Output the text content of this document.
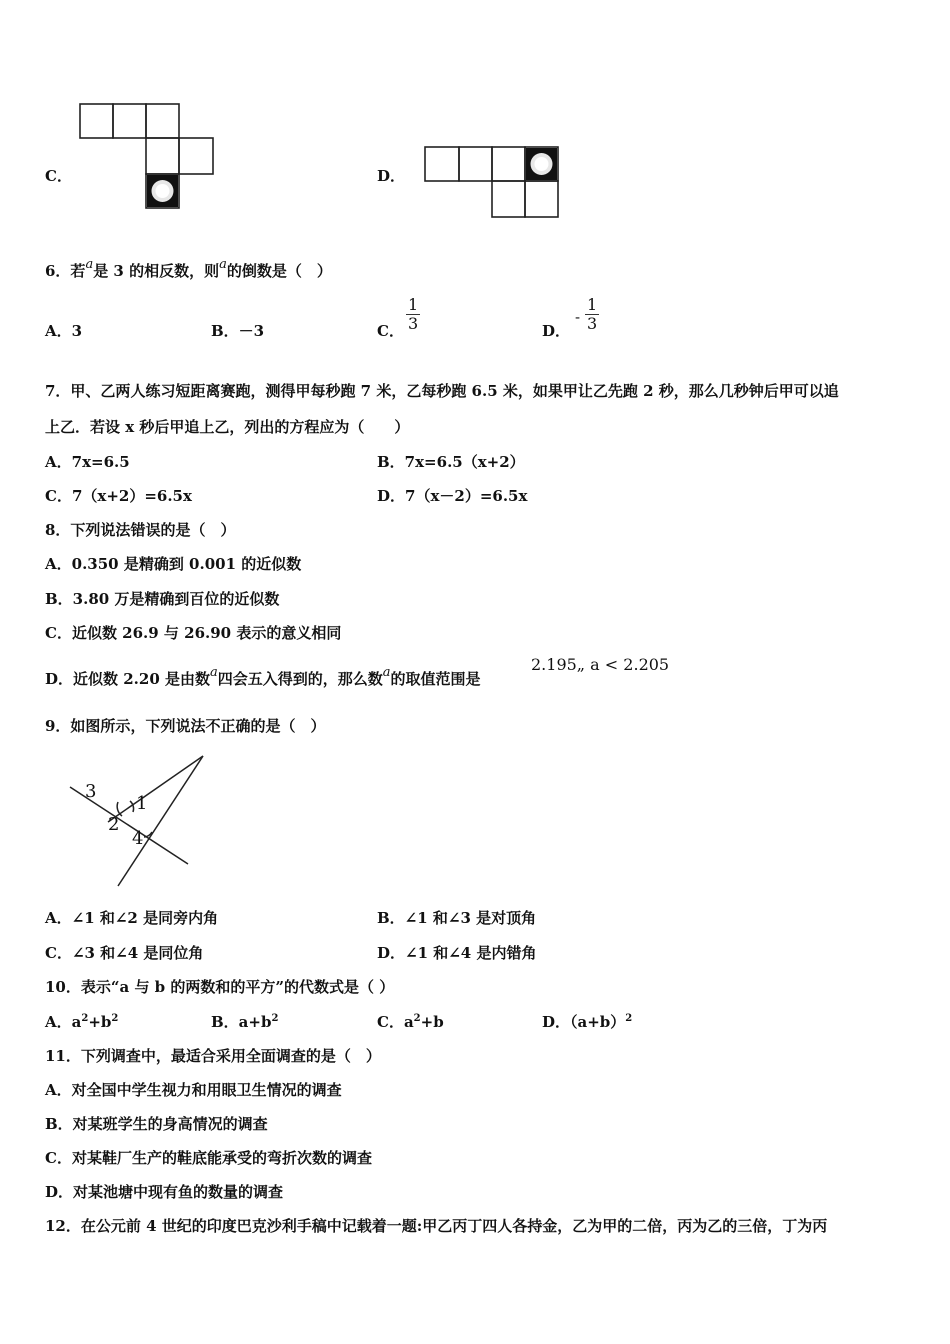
C．	D．
6．若a是 3 的相反数，则a的倒数是（　）
A．3	B．－3	C． $\frac{1}{3}$	D．
- $\frac{1}{3}$
7．甲、乙两人练习短距离赛跑，测得甲每秒跑 7 米，乙每秒跑 6.5 米，如果甲让乙先跑 2 秒，那么几秒钟后甲可以追
上乙．若设 x 秒后甲追上乙，列出的方程应为（　　）
A．7x=6.5	B．7x=6.5（x+2）
C．7（x+2）=6.5x	D．7（x－2）=6.5x
8．下列说法错误的是（　）
A．0.350 是精确到 0.001 的近似数
B．3.80 万是精确到百位的近似数
C．近似数 26.9 与 26.90 表示的意义相同
D．近似数 2.20 是由数a四会五入得到的，那么数a的取值范围是
2.195„ a < 2.205
9．如图所示，下列说法不正确的是（　）
3
1
2
4
A．∠1 和∠2 是同旁内角	B．∠1 和∠3 是对顶角
C．∠3 和∠4 是同位角	D．∠1 和∠4 是内错角
10．表示“a 与 b 的两数和的平方”的代数式是（ ）
A．$a^2+b^2$	B．$a+b^2$	C．$a^2+b$	D．$(a+b)^2$
11．下列调查中，最适合采用全面调查的是（　）
A．对全国中学生视力和用眼卫生情况的调查
B．对某班学生的身高情况的调查
C．对某鞋厂生产的鞋底能承受的弯折次数的调查
D．对某池塘中现有鱼的数量的调查
12．在公元前 4 世纪的印度巴克沙利手稿中记载着一题:甲乙丙丁四人各持金，乙为甲的二倍，丙为乙的三倍，丁为丙
